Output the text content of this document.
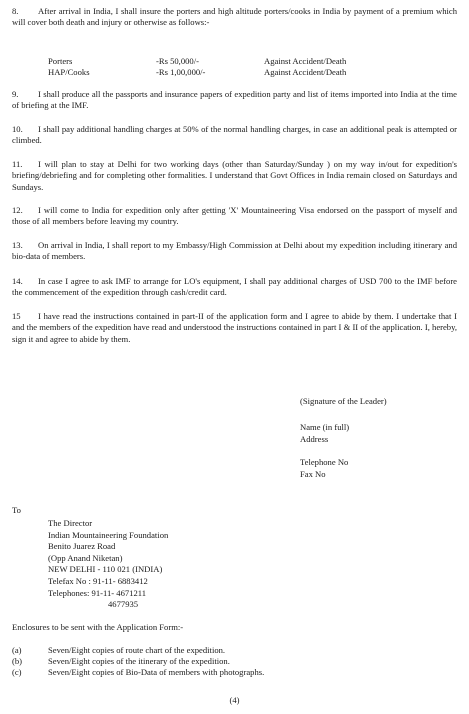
8. After arrival in India, I shall insure the porters and high altitude porters/cooks in India by payment of a premium which will cover both death and injury or otherwise as follows:-
Porters	-Rs 50,000/-	Against Accident/Death
HAP/Cooks	-Rs 1,00,000/-	Against Accident/Death
9. I shall produce all the passports and insurance papers of expedition party and list of items imported into India at the time of briefing at the IMF.
10. I shall pay additional handling charges at 50% of the normal handling charges, in case an additional peak is attempted or climbed.
11. I will plan to stay at Delhi for two working days (other than Saturday/Sunday ) on my way in/out for expedition's briefing/debriefing and for completing other formalities. I understand that Govt Offices in India remain closed on Saturdays and Sundays.
12. I will come to India for expedition only after getting 'X' Mountaineering Visa endorsed on the passport of myself and those of all members before leaving my country.
13. On arrival in India, I shall report to my Embassy/High Commission at Delhi about my expedition including itinerary and bio-data of members.
14. In case I agree to ask IMF to arrange for LO's equipment, I shall pay additional charges of USD 700 to the IMF before the commencement of the expedition through cash/credit card.
15 I have read the instructions contained in part-II of the application form and I agree to abide by them. I undertake that I and the members of the expedition have read and understood the instructions contained in part I & II of the application. I, hereby, sign it and agree to abide by them.
(Signature of the Leader)
Name (in full)
Address
Telephone No
Fax No
To
The Director
Indian Mountaineering Foundation
Benito Juarez Road
(Opp Anand Niketan)
NEW DELHI - 110 021 (INDIA)
Telefax No : 91-11- 6883412
Telephones: 91-11- 4671211
4677935
Enclosures to be sent with the Application Form:-
(a)	Seven/Eight copies of route chart of the expedition.
(b)	Seven/Eight copies of the itinerary of the expedition.
(c)	Seven/Eight copies of Bio-Data of members with photographs.
(4)
